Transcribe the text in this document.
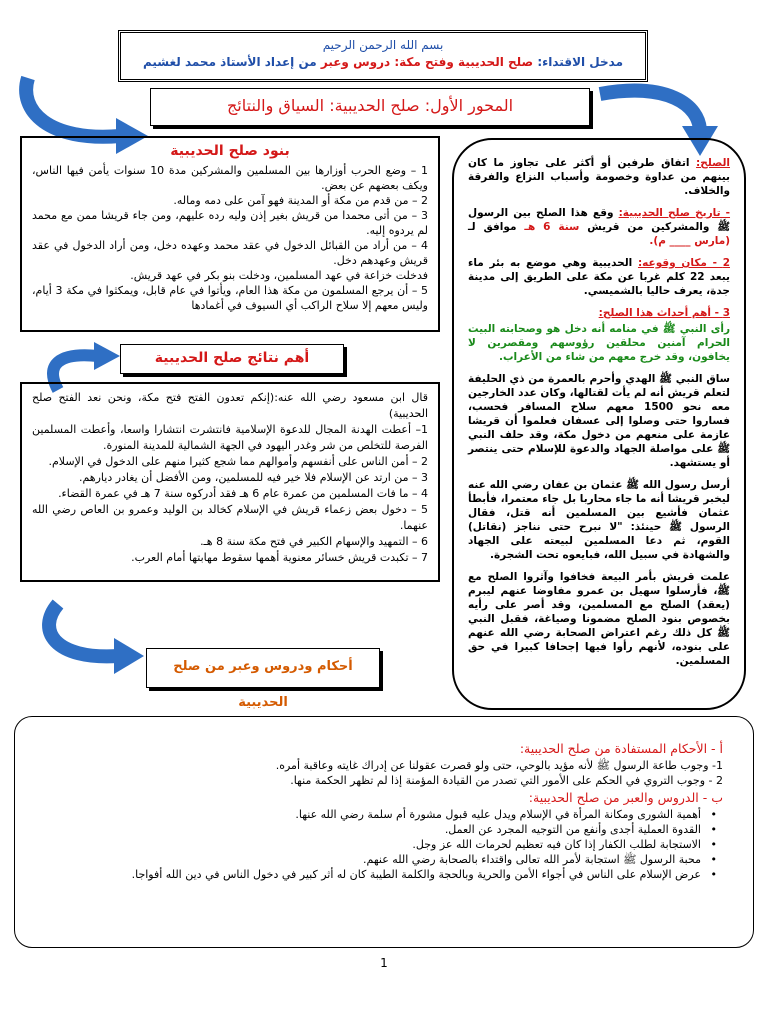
بسم الله الرحمن الرحيم
مدخل الاقتداء: صلح الحديبية وفتح مكة: دروس وعبر من إعداد الأستاذ محمد لغشيم
المحور الأول: صلح الحديبية: السياق والنتائج
بنود صلح الحديبية

1 – وضع الحرب أوزارها بين المسلمين والمشركين مدة 10 سنوات يأمن فيها الناس، ويكف بعضهم عن بعض.

2 – من قدم من مكة أو المدينة فهو آمن على دمه وماله.

3 – من أتى محمدا من قريش بغير إذن وليه رده عليهم، ومن جاء قريشا ممن مع محمد لم يردوه إليه.

4 – من أراد من القبائل الدخول في عقد محمد وعهده دخل، ومن أراد الدخول في عقد قريش وعهدهم دخل.

فدخلت خزاعة في عهد المسلمين، ودخلت بنو بكر في عهد قريش.

5 – أن يرجع المسلمون من مكة هذا العام، ويأتوا في عام قابل، ويمكثوا في مكة 3 أيام، وليس معهم إلا سلاح الراكب أي السيوف في أغمادها

أهم نتائج صلح الحديبية

قال ابن مسعود رضي الله عنه:(إنكم تعدون الفتح فتح مكة، ونحن نعد الفتح صلح الحديبية)

1– أعطت الهدنة المجال للدعوة الإسلامية فانتشرت انتشارا واسعا، وأعطت المسلمين الفرصة للتخلص من شر وغدر اليهود في الجهة الشمالية للمدينة المنورة.

2 – أمن الناس على أنفسهم وأموالهم مما شجع كثيرا منهم على الدخول في الإسلام.

3 – من ارتد عن الإسلام فلا خير فيه للمسلمين، ومن الأفضل أن يغادر ديارهم.

4 – ما فات المسلمين من عمرة عام 6 هـ فقد أدركوه سنة 7 هـ في عمرة القضاء.

5 – دخول بعض زعماء قريش في الإسلام كخالد بن الوليد وعمرو بن العاص رضي الله عنهما.

6 – التمهيد والإسهام الكبير في فتح مكة سنة 8 هـ.

7 – تكبدت قريش خسائر معنوية أهمها سقوط مهابتها أمام العرب.

أحكام ودروس وعبر من صلح الحديبية

الصلح: اتفاق طرفين أو أكثر على تجاوز ما كان بينهم من عداوة وخصومة وأسباب النزاع والفرقة والخلاف.

- تاريخ صلح الحديبية: وقع هذا الصلح بين الرسول ﷺ والمشركين من قريش سنة 6 هـ موافق لـ (مارس ____ م).

2 - مكان وقوعه: الحديبية وهي موضع به بئر ماء يبعد 22 كلم غربا عن مكة على الطريق إلى مدينة جدة، يعرف حاليا بالشميسي.

3 - أهم أحداث هذا الصلح:

رأى النبي ﷺ في منامه أنه دخل هو وصحابته البيت الحرام آمنين محلقين رؤوسهم ومقصرين لا يخافون، وقد خرج معهم من شاء من الأعراب.

ساق النبي ﷺ الهدي وأحرم بالعمرة من ذي الحليفة لتعلم قريش أنه لم يأت لقتالها، وكان عدد الخارجين معه نحو 1500 معهم سلاح المسافر فحسب، فساروا حتى وصلوا إلى عسفان فعلموا أن قريشا عازمة على منعهم من دخول مكة، وقد حلف النبي ﷺ على مواصلة الجهاد والدعوة للإسلام حتى ينتصر أو يستشهد.

أرسل رسول الله ﷺ عثمان بن عفان رضي الله عنه ليخبر قريشا أنه ما جاء محاربا بل جاء معتمرا، فأبطأ عثمان فأشيع بين المسلمين أنه قتل، فقال الرسول ﷺ حينئذ: "لا نبرح حتى نناجز (نقاتل) القوم، ثم دعا المسلمين لبيعته على الجهاد والشهادة في سبيل الله، فبايعوه تحت الشجرة.

علمت قريش بأمر البيعة فخافوا وآثروا الصلح مع ﷺ، فأرسلوا سهيل بن عمرو مفاوضا عنهم ليبرم (يعقد) الصلح مع المسلمين، وقد أصر على رأيه بخصوص بنود الصلح مضمونا وصياغة، فقبل النبي ﷺ كل ذلك رغم اعتراض الصحابة رضي الله عنهم على بنوده، لأنهم رأوا فيها إجحافا كبيرا في حق المسلمين.

أ - الأحكام المستفادة من صلح الحديبية:

1- وجوب طاعة الرسول ﷺ لأنه مؤيد بالوحي، حتى ولو قصرت عقولنا عن إدراك غايته وعاقبة أمره.

2 - وجوب التروي في الحكم على الأمور التي تصدر من القيادة المؤمنة إذا لم تظهر الحكمة منها.

ب - الدروس والعبر من صلح الحديبية:

• أهمية الشورى ومكانة المرأة في الإسلام ويدل عليه قبول مشورة أم سلمة رضي الله عنها.

• القدوة العملية أجدى وأنفع من التوجيه المجرد عن العمل.

• الاستجابة لطلب الكفار إذا كان فيه تعظيم لحرمات الله عز وجل.

• محبة الرسول ﷺ استجابة لأمر الله تعالى واقتداء بالصحابة رضي الله عنهم.

• عرض الإسلام على الناس في أجواء الأمن والحرية وبالحجة والكلمة الطيبة كان له أثر كبير في دخول الناس في دين الله أفواجا.

1
